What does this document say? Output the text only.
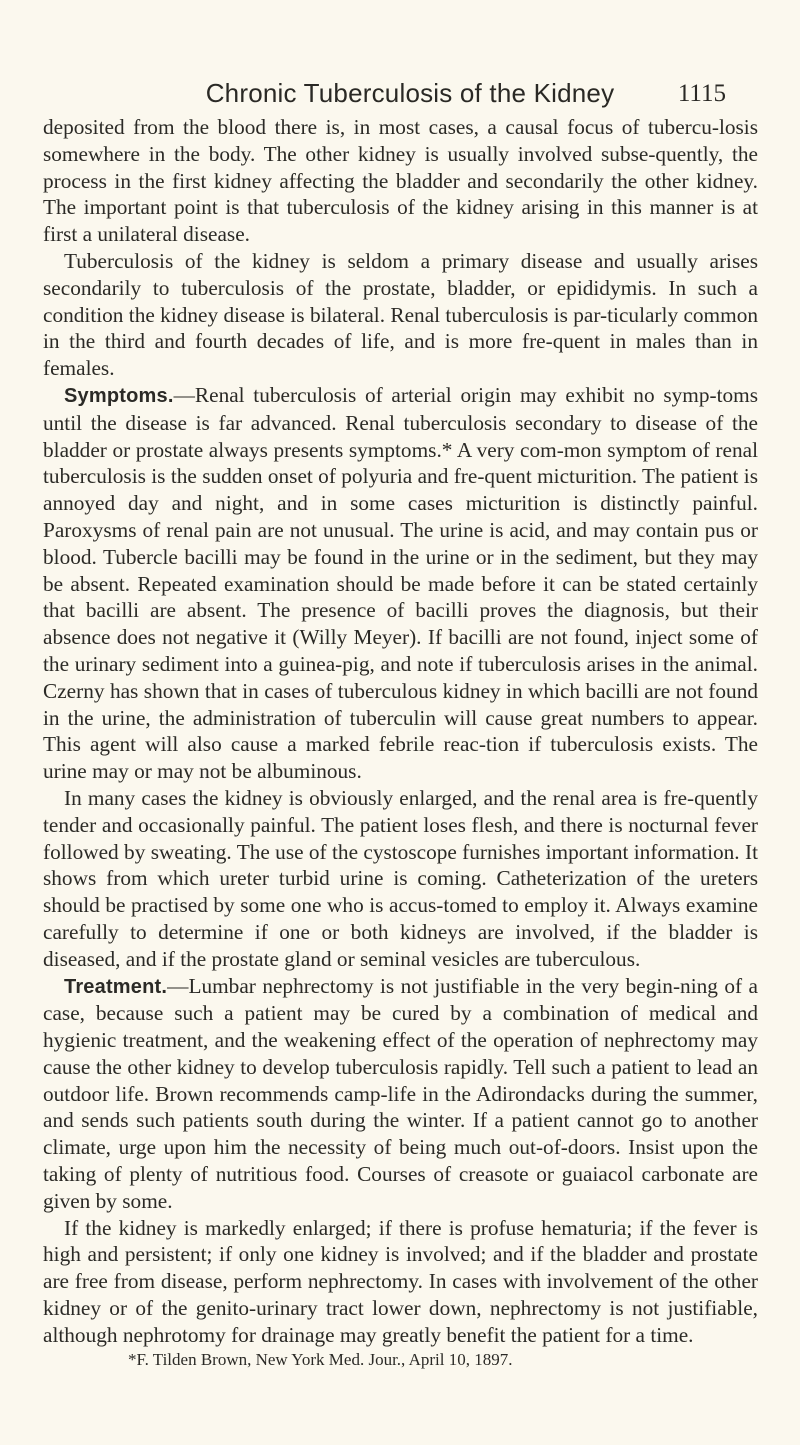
Chronic Tuberculosis of the Kidney	1115

deposited from the blood there is, in most cases, a causal focus of tubercu-losis somewhere in the body. The other kidney is usually involved subse-quently, the process in the first kidney affecting the bladder and secondarily the other kidney. The important point is that tuberculosis of the kidney arising in this manner is at first a unilateral disease.

Tuberculosis of the kidney is seldom a primary disease and usually arises secondarily to tuberculosis of the prostate, bladder, or epididymis. In such a condition the kidney disease is bilateral. Renal tuberculosis is par-ticularly common in the third and fourth decades of life, and is more fre-quent in males than in females.

Symptoms.—Renal tuberculosis of arterial origin may exhibit no symp-toms until the disease is far advanced. Renal tuberculosis secondary to disease of the bladder or prostate always presents symptoms.* A very com-mon symptom of renal tuberculosis is the sudden onset of polyuria and fre-quent micturition. The patient is annoyed day and night, and in some cases micturition is distinctly painful. Paroxysms of renal pain are not unusual. The urine is acid, and may contain pus or blood. Tubercle bacilli may be found in the urine or in the sediment, but they may be absent. Repeated examination should be made before it can be stated certainly that bacilli are absent. The presence of bacilli proves the diagnosis, but their absence does not negative it (Willy Meyer). If bacilli are not found, inject some of the urinary sediment into a guinea-pig, and note if tuberculosis arises in the animal. Czerny has shown that in cases of tuberculous kidney in which bacilli are not found in the urine, the administration of tuberculin will cause great numbers to appear. This agent will also cause a marked febrile reac-tion if tuberculosis exists. The urine may or may not be albuminous.

In many cases the kidney is obviously enlarged, and the renal area is fre-quently tender and occasionally painful. The patient loses flesh, and there is nocturnal fever followed by sweating. The use of the cystoscope furnishes important information. It shows from which ureter turbid urine is coming. Catheterization of the ureters should be practised by some one who is accus-tomed to employ it. Always examine carefully to determine if one or both kidneys are involved, if the bladder is diseased, and if the prostate gland or seminal vesicles are tuberculous.

Treatment.—Lumbar nephrectomy is not justifiable in the very begin-ning of a case, because such a patient may be cured by a combination of medical and hygienic treatment, and the weakening effect of the operation of nephrectomy may cause the other kidney to develop tuberculosis rapidly. Tell such a patient to lead an outdoor life. Brown recommends camp-life in the Adirondacks during the summer, and sends such patients south during the winter. If a patient cannot go to another climate, urge upon him the necessity of being much out-of-doors. Insist upon the taking of plenty of nutritious food. Courses of creasote or guaiacol carbonate are given by some.

If the kidney is markedly enlarged; if there is profuse hematuria; if the fever is high and persistent; if only one kidney is involved; and if the bladder and prostate are free from disease, perform nephrectomy. In cases with involvement of the other kidney or of the genito-urinary tract lower down, nephrectomy is not justifiable, although nephrotomy for drainage may greatly benefit the patient for a time.

*F. Tilden Brown, New York Med. Jour., April 10, 1897.
